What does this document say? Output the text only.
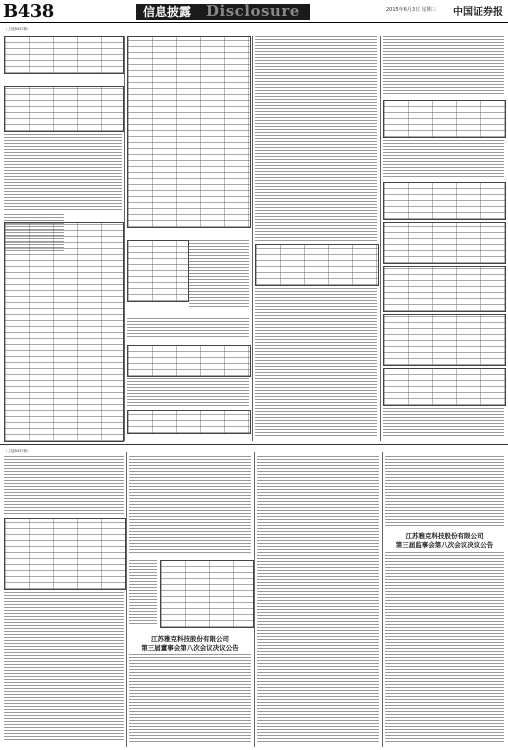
B438	信息披露 Disclosure	2015年6月3日 星期三 中国证券报
（上接B437版）
（上接B437版）
江苏雅克科技股份有限公司
第三届董事会第八次会议决议公告
江苏雅克科技股份有限公司
第三届监事会第八次会议决议公告
